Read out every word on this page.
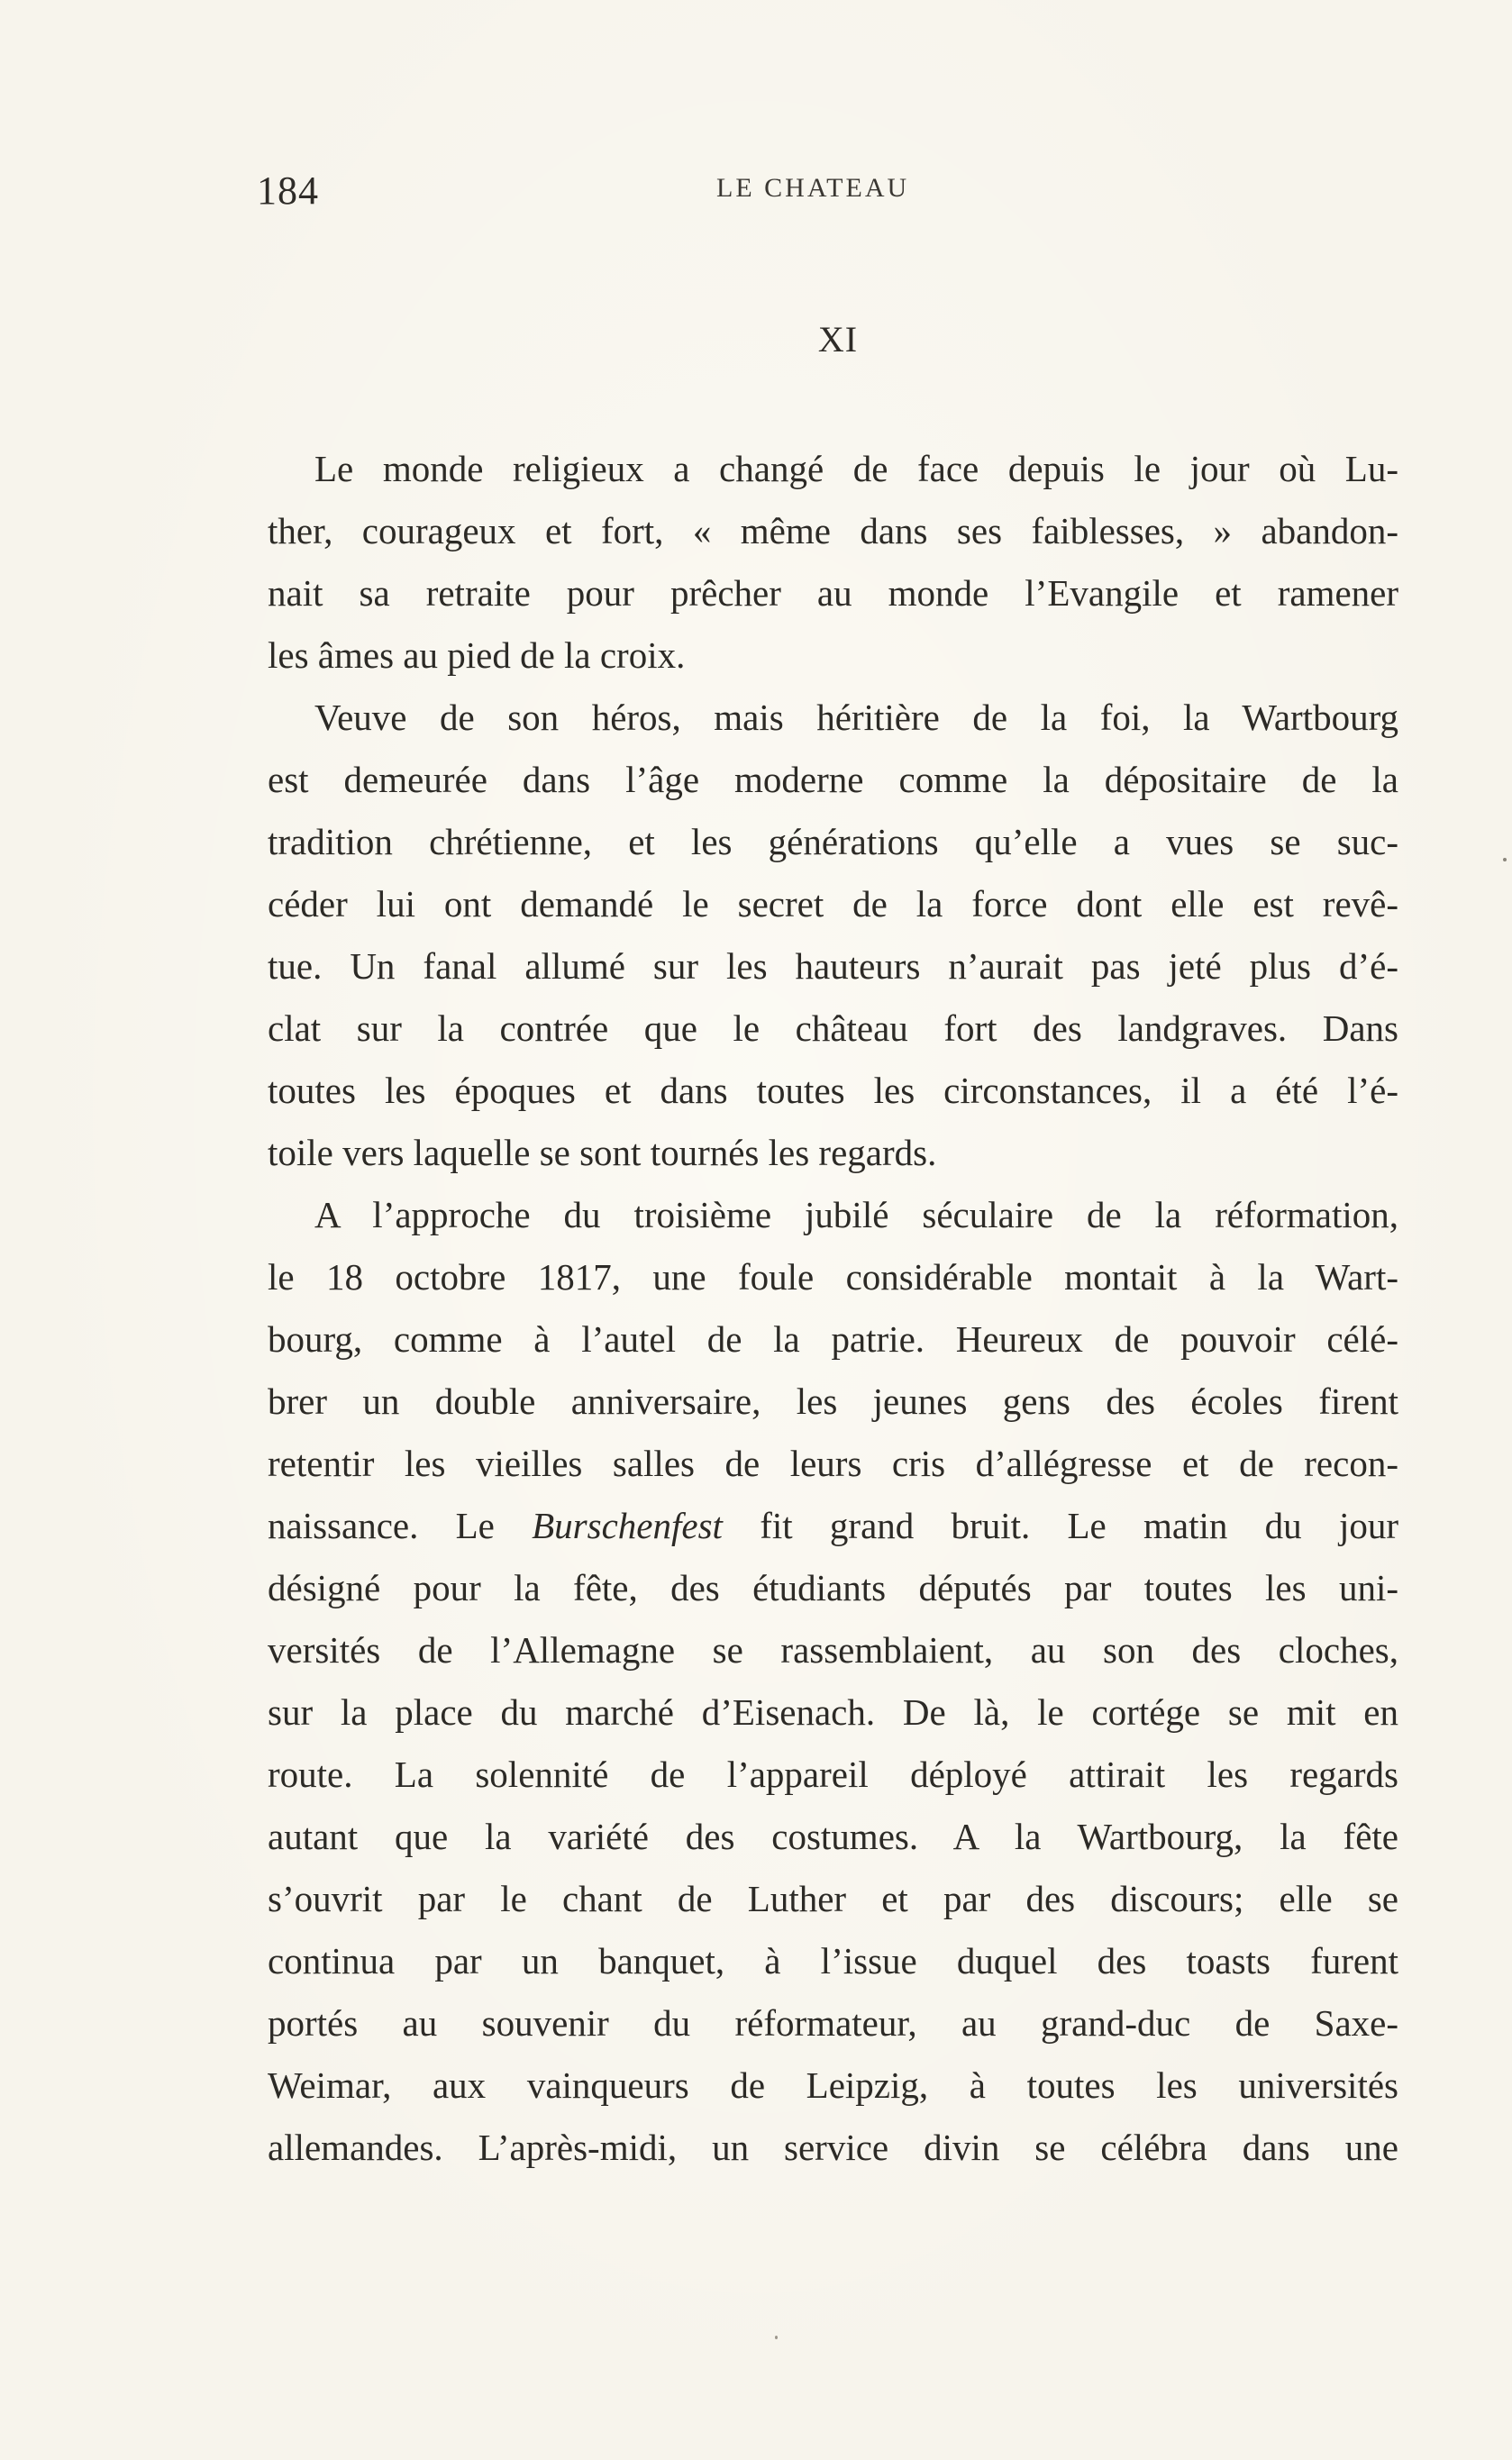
184	LE CHATEAU
XI
Le monde religieux a changé de face depuis le jour où Lu-
ther, courageux et fort, « même dans ses faiblesses, » abandon-
nait sa retraite pour prêcher au monde l’Evangile et ramener
les âmes au pied de la croix.
Veuve de son héros, mais héritière de la foi, la Wartbourg
est demeurée dans l’âge moderne comme la dépositaire de la
tradition chrétienne, et les générations qu’elle a vues se suc-
céder lui ont demandé le secret de la force dont elle est revê-
tue. Un fanal allumé sur les hauteurs n’aurait pas jeté plus d’é-
clat sur la contrée que le château fort des landgraves. Dans
toutes les époques et dans toutes les circonstances, il a été l’é-
toile vers laquelle se sont tournés les regards.
A l’approche du troisième jubilé séculaire de la réformation,
le 18 octobre 1817, une foule considérable montait à la Wart-
bourg, comme à l’autel de la patrie. Heureux de pouvoir célé-
brer un double anniversaire, les jeunes gens des écoles firent
retentir les vieilles salles de leurs cris d’allégresse et de recon-
naissance. Le Burschenfest fit grand bruit. Le matin du jour
désigné pour la fête, des étudiants députés par toutes les uni-
versités de l’Allemagne se rassemblaient, au son des cloches,
sur la place du marché d’Eisenach. De là, le cortége se mit en
route. La solennité de l’appareil déployé attirait les regards
autant que la variété des costumes. A la Wartbourg, la fête
s’ouvrit par le chant de Luther et par des discours; elle se
continua par un banquet, à l’issue duquel des toasts furent
portés au souvenir du réformateur, au grand-duc de Saxe-
Weimar, aux vainqueurs de Leipzig, à toutes les universités
allemandes. L’après-midi, un service divin se célébra dans une
